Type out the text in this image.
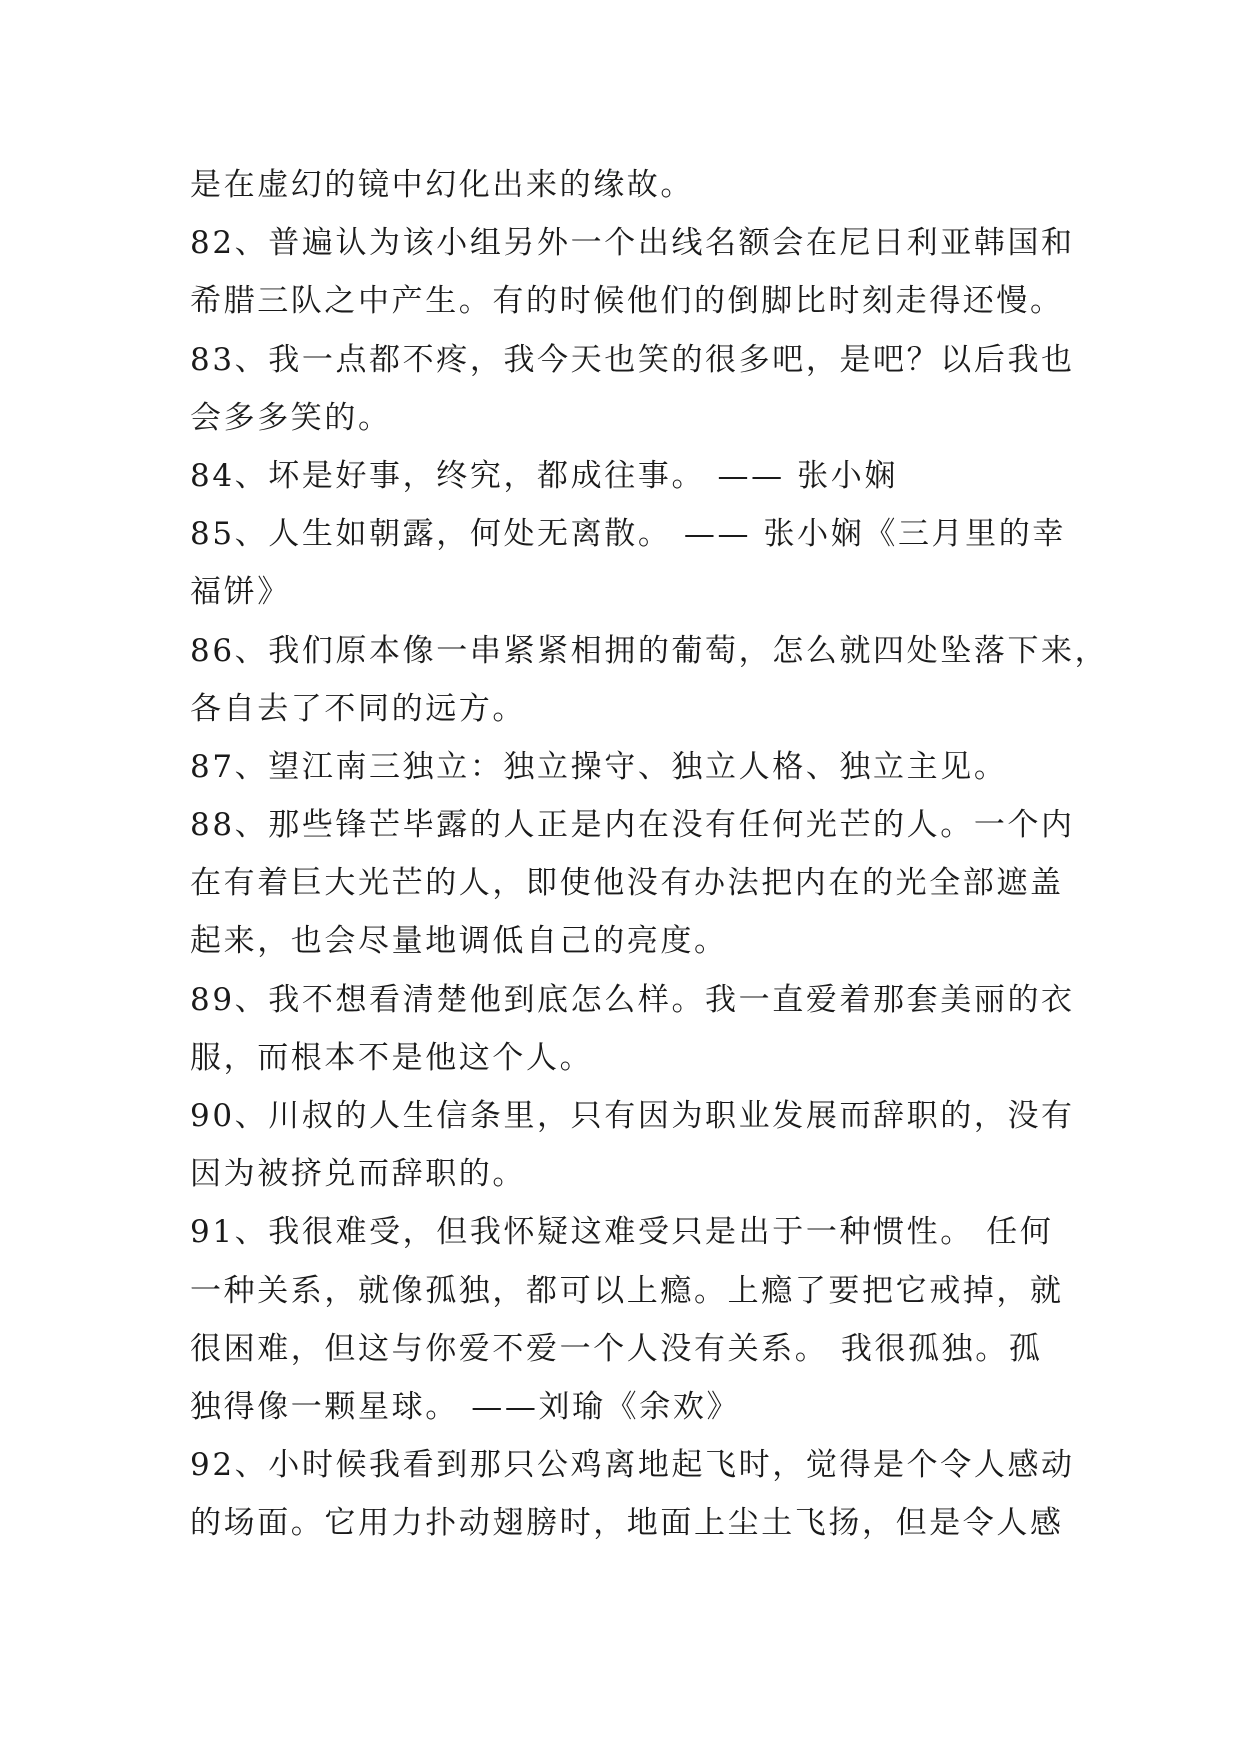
是在虚幻的镜中幻化出来的缘故。
82、普遍认为该小组另外一个出线名额会在尼日利亚韩国和
希腊三队之中产生。有的时候他们的倒脚比时刻走得还慢。
83、我一点都不疼，我今天也笑的很多吧，是吧？以后我也
会多多笑的。
84、坏是好事，终究，都成往事。 —— 张小娴
85、人生如朝露，何处无离散。 —— 张小娴《三月里的幸
福饼》
86、我们原本像一串紧紧相拥的葡萄，怎么就四处坠落下来，
各自去了不同的远方。
87、望江南三独立：独立操守、独立人格、独立主见。
88、那些锋芒毕露的人正是内在没有任何光芒的人。一个内
在有着巨大光芒的人，即使他没有办法把内在的光全部遮盖
起来，也会尽量地调低自己的亮度。
89、我不想看清楚他到底怎么样。我一直爱着那套美丽的衣
服，而根本不是他这个人。
90、川叔的人生信条里，只有因为职业发展而辞职的，没有
因为被挤兑而辞职的。
91、我很难受，但我怀疑这难受只是出于一种惯性。 任何
一种关系，就像孤独，都可以上瘾。上瘾了要把它戒掉，就
很困难，但这与你爱不爱一个人没有关系。 我很孤独。孤
独得像一颗星球。 ——刘瑜《余欢》
92、小时候我看到那只公鸡离地起飞时，觉得是个令人感动
的场面。它用力扑动翅膀时，地面上尘土飞扬，但是令人感
